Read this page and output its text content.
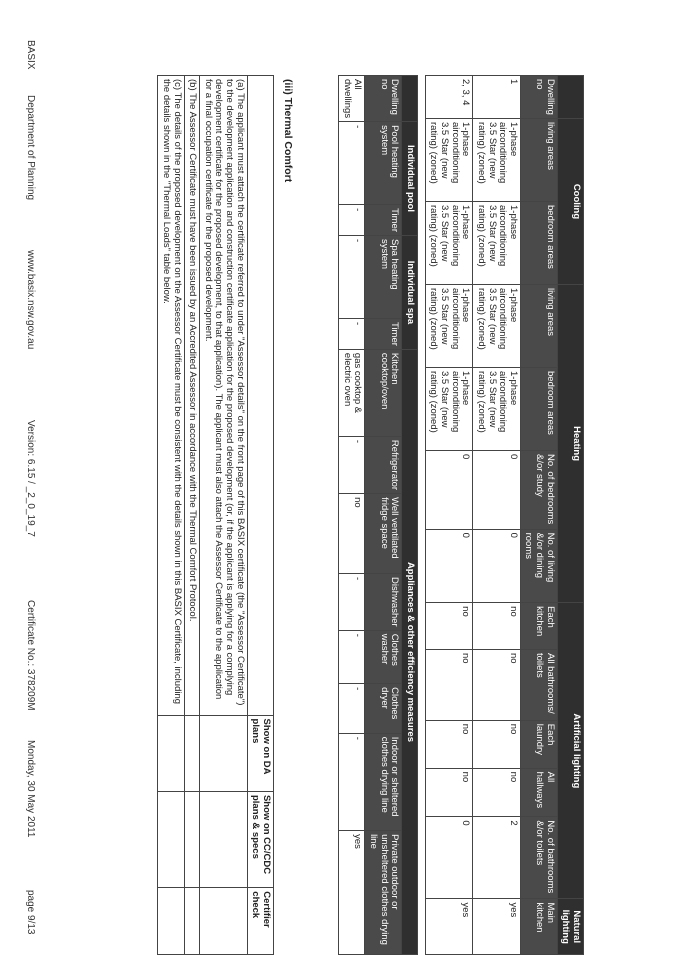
	Cooling		Heating				Artificial lighting					Natural lighting
Dwelling no	living areas	bedroom areas	living areas	bedroom areas	No. of bedrooms &/or study	No. of living &/or dining rooms	Each kitchen	All bathrooms/ toilets	Each laundry	All hallways	No. of bathrooms &/or toilets	Main kitchen
1	1-phase airconditioning 3.5 Star (new rating) (zoned)	1-phase airconditioning 3.5 Star (new rating) (zoned)	1-phase airconditioning 3.5 Star (new rating) (zoned)	1-phase airconditioning 3.5 Star (new rating) (zoned)	0	0	no	no	no	no	2	yes
2, 3, 4	1-phase airconditioning 3.5 Star (new rating) (zoned)	1-phase airconditioning 3.5 Star (new rating) (zoned)	1-phase airconditioning 3.5 Star (new rating) (zoned)	1-phase airconditioning 3.5 Star (new rating) (zoned)	0	0	no	no	no	no	0	yes
	Individual pool		Individual spa		Appliances & other efficiency measures							
Dwelling no	Pool heating system	Timer	Spa heating system	Timer	Kitchen cooktop/oven	Refrigerator	Well ventilated fridge space	Dishwasher	Clothes washer	Clothes dryer	Indoor or sheltered clothes drying line	Private outdoor or unsheltered clothes drying line
All dwellings	-	-	-	-	gas cooktop & electric oven	-	no	-	-	-	-	yes
(iii) Thermal Comfort
	Show on DA plans	Show on CC/CDC plans & specs	Certifier check
(a) The applicant must attach the certificate referred to under "Assessor details" on the front page of this BASIX certificate (the "Assessor Certificate") to the development application and construction certificate application for the proposed development (or, if the applicant is applying for a complying development certificate for the proposed development, to that application). The applicant must also attach the Assessor Certificate to the application for a final occupation certificate for the proposed development.			
(b) The Assessor Certificate must have been issued by an Accredited Assessor in accordance with the Thermal Comfort Protocol.			
(c) The details of the proposed development on the Assessor Certificate must be consistent with the details shown in this BASIX Certificate, including the details shown in the "Thermal Loads" table below.			
BASIX
Department of Planning
www.basix.nsw.gov.au
Version: 6.15 / _2_0_19_7
Certificate No.: 378209M
Monday, 30 May 2011
page 9/13
